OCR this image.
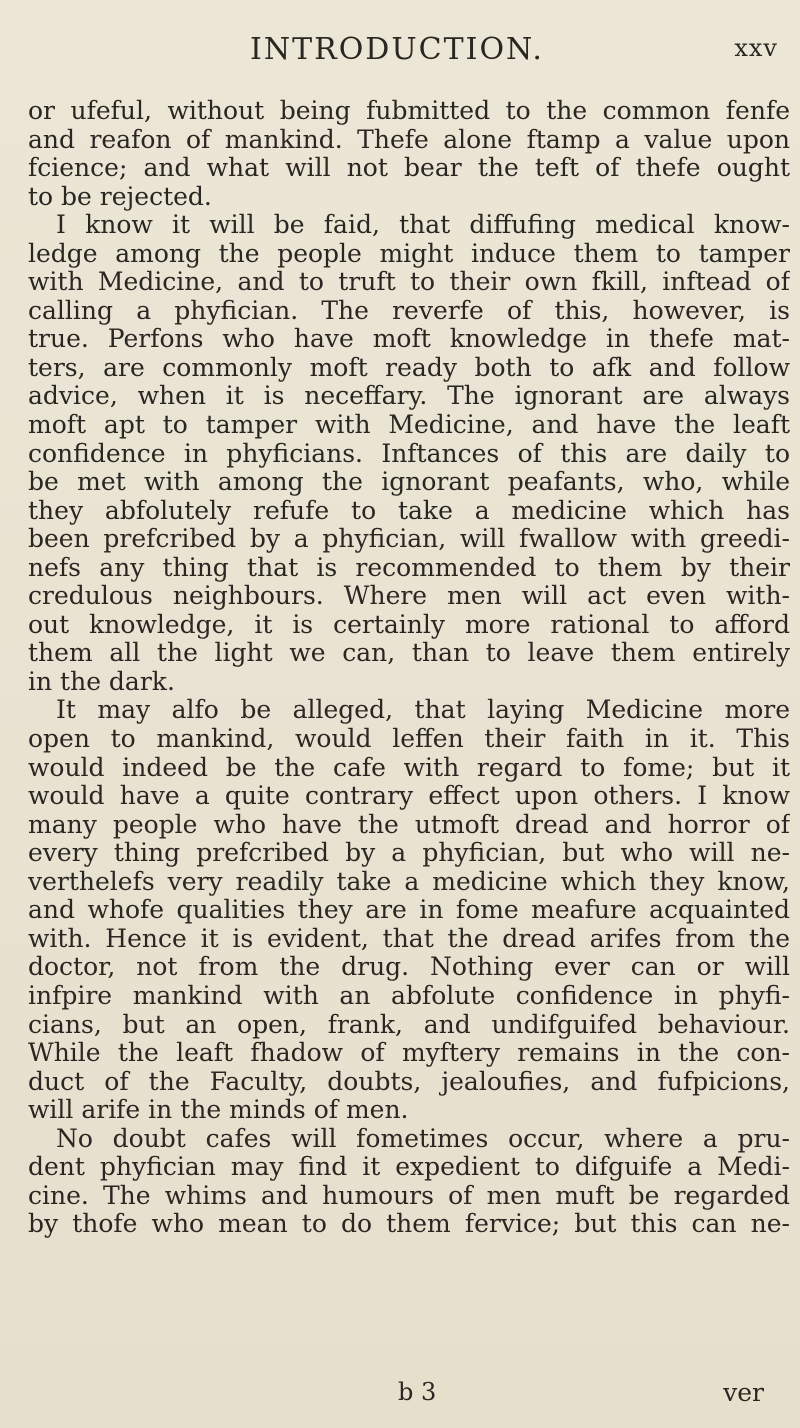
INTRODUCTION.	xxv
or ufeful, without being fubmitted to the common fenfe
and reafon of mankind. Thefe alone ftamp a value upon
fcience; and what will not bear the teft of thefe ought
to be rejected.
I know it will be faid, that diffufing medical know-
ledge among the people might induce them to tamper
with Medicine, and to truft to their own fkill, inftead of
calling a phyfician. The reverfe of this, however, is
true. Perfons who have moft knowledge in thefe mat-
ters, are commonly moft ready both to afk and follow
advice, when it is neceffary. The ignorant are always
moft apt to tamper with Medicine, and have the leaft
confidence in phyficians. Inftances of this are daily to
be met with among the ignorant peafants, who, while
they abfolutely refufe to take a medicine which has
been prefcribed by a phyfician, will fwallow with greedi-
nefs any thing that is recommended to them by their
credulous neighbours. Where men will act even with-
out knowledge, it is certainly more rational to afford
them all the light we can, than to leave them entirely
in the dark.
It may alfo be alleged, that laying Medicine more
open to mankind, would leffen their faith in it. This
would indeed be the cafe with regard to fome; but it
would have a quite contrary effect upon others. I know
many people who have the utmoft dread and horror of
every thing prefcribed by a phyfician, but who will ne-
verthelefs very readily take a medicine which they know,
and whofe qualities they are in fome meafure acquainted
with. Hence it is evident, that the dread arifes from the
doctor, not from the drug. Nothing ever can or will
infpire mankind with an abfolute confidence in phyfi-
cians, but an open, frank, and undifguifed behaviour.
While the leaft fhadow of myftery remains in the con-
duct of the Faculty, doubts, jealoufies, and fufpicions,
will arife in the minds of men.
No doubt cafes will fometimes occur, where a pru-
dent phyfician may find it expedient to difguife a Medi-
cine. The whims and humours of men muft be regarded
by thofe who mean to do them fervice; but this can ne-
b 3	ver
